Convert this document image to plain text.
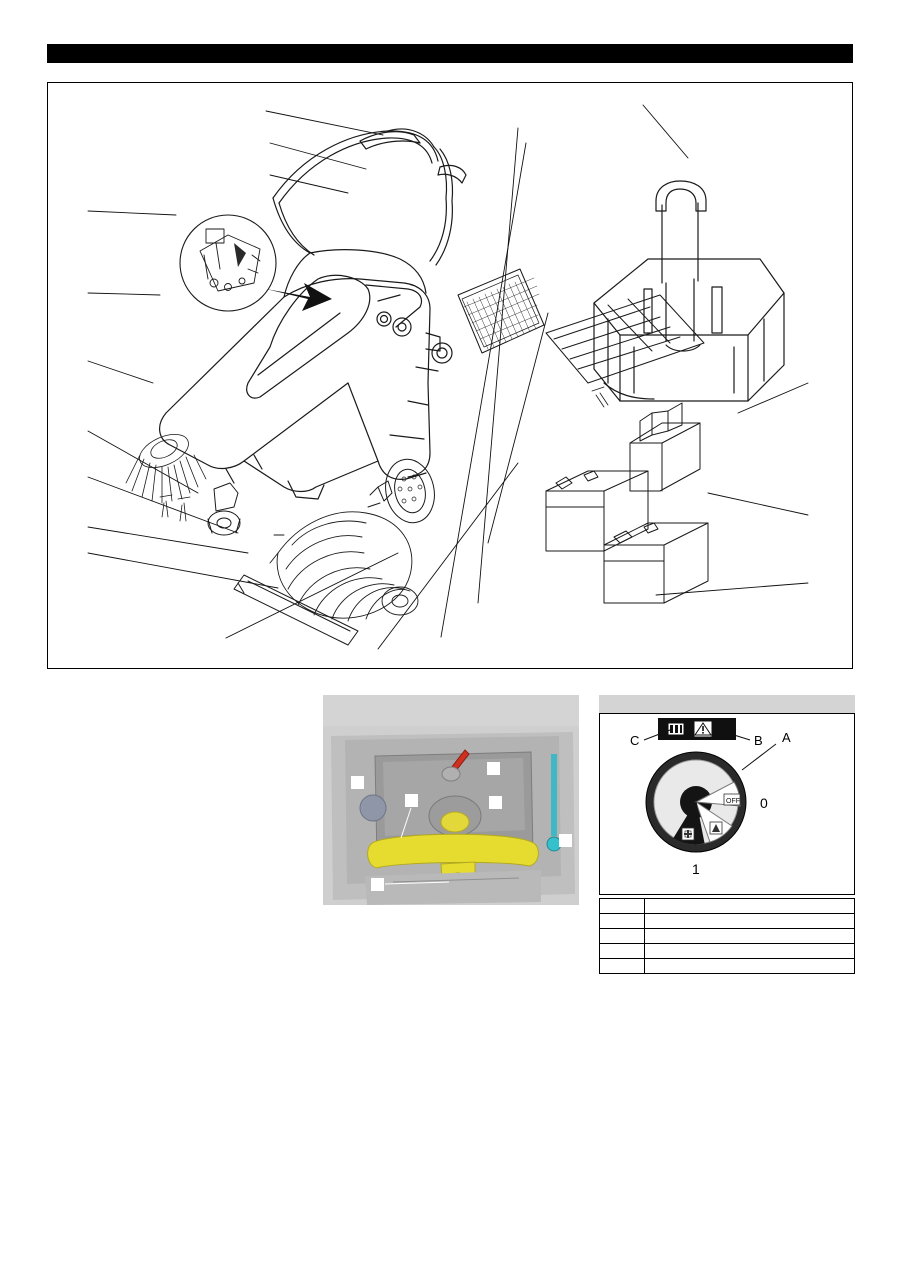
C	B A
OFF 0
1
